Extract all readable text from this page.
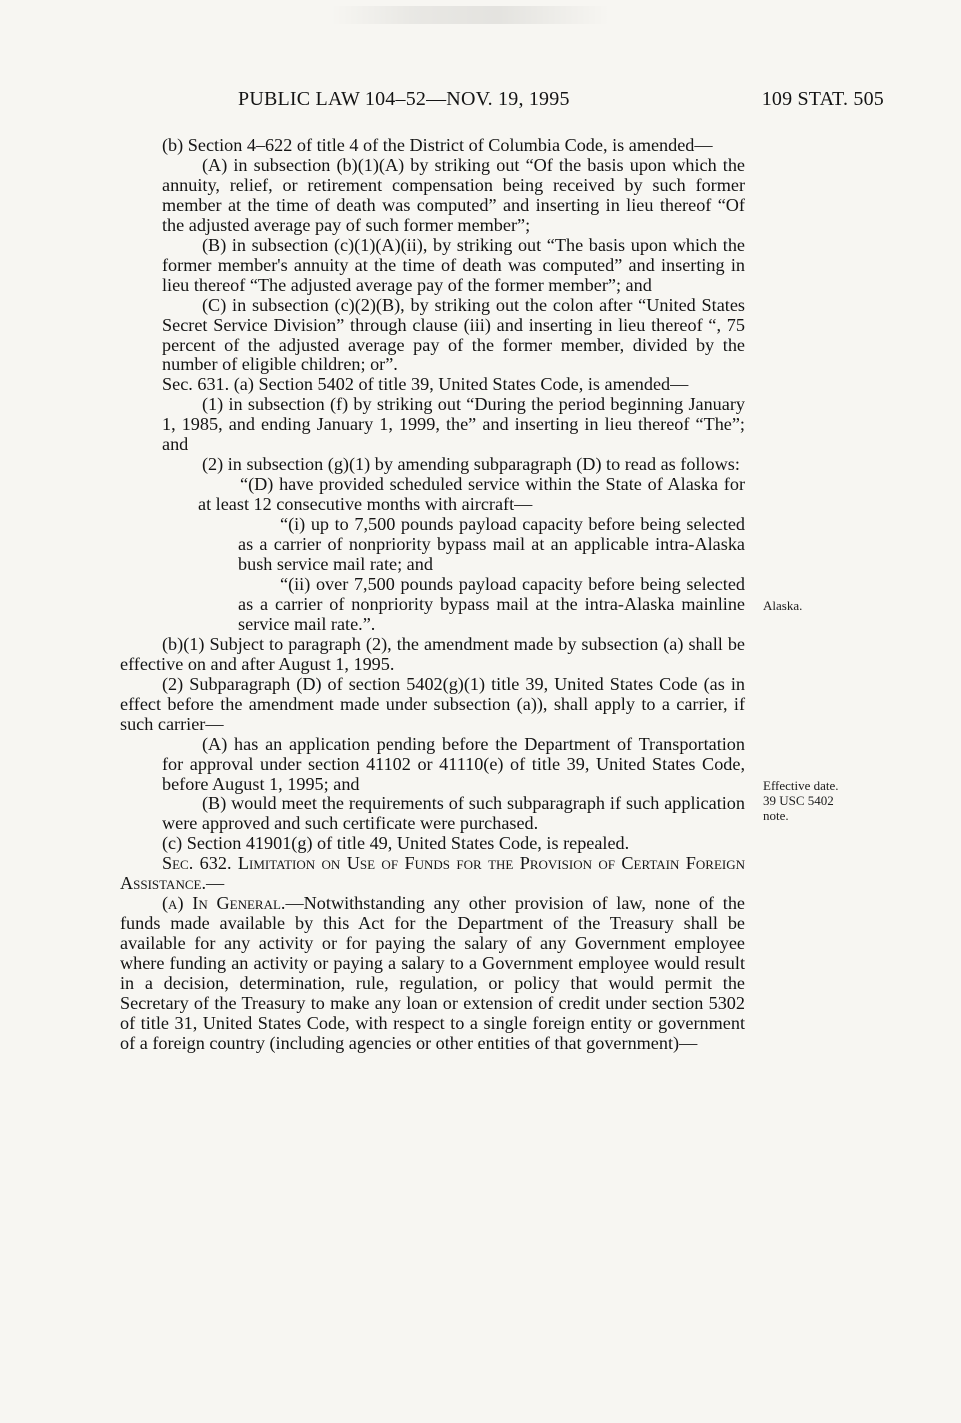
PUBLIC LAW 104–52—NOV. 19, 1995	109 STAT. 505

(b) Section 4–622 of title 4 of the District of Columbia Code, is amended—

(A) in subsection (b)(1)(A) by striking out “Of the basis upon which the annuity, relief, or retirement compensation being received by such former member at the time of death was computed” and inserting in lieu thereof “Of the adjusted average pay of such former member”;

(B) in subsection (c)(1)(A)(ii), by striking out “The basis upon which the former member's annuity at the time of death was computed” and inserting in lieu thereof “The adjusted average pay of the former member”; and

(C) in subsection (c)(2)(B), by striking out the colon after “United States Secret Service Division” through clause (iii) and inserting in lieu thereof “, 75 percent of the adjusted average pay of the former member, divided by the number of eligible children; or”.

Sec. 631. (a) Section 5402 of title 39, United States Code, is amended—

(1) in subsection (f) by striking out “During the period beginning January 1, 1985, and ending January 1, 1999, the” and inserting in lieu thereof “The”; and

(2) in subsection (g)(1) by amending subparagraph (D) to read as follows:

“(D) have provided scheduled service within the State of Alaska for at least 12 consecutive months with aircraft—

“(i) up to 7,500 pounds payload capacity before being selected as a carrier of nonpriority bypass mail at an applicable intra-Alaska bush service mail rate; and

“(ii) over 7,500 pounds payload capacity before being selected as a carrier of nonpriority bypass mail at the intra-Alaska mainline service mail rate.”.

(b)(1) Subject to paragraph (2), the amendment made by subsection (a) shall be effective on and after August 1, 1995.

(2) Subparagraph (D) of section 5402(g)(1) title 39, United States Code (as in effect before the amendment made under subsection (a)), shall apply to a carrier, if such carrier—

(A) has an application pending before the Department of Transportation for approval under section 41102 or 41110(e) of title 39, United States Code, before August 1, 1995; and

(B) would meet the requirements of such subparagraph if such application were approved and such certificate were purchased.

(c) Section 41901(g) of title 49, United States Code, is repealed.

Sec. 632. Limitation on Use of Funds for the Provision of Certain Foreign Assistance.—

(a) In General.—Notwithstanding any other provision of law, none of the funds made available by this Act for the Department of the Treasury shall be available for any activity or for paying the salary of any Government employee where funding an activity or paying a salary to a Government employee would result in a decision, determination, rule, regulation, or policy that would permit the Secretary of the Treasury to make any loan or extension of credit under section 5302 of title 31, United States Code, with respect to a single foreign entity or government of a foreign country (including agencies or other entities of that government)—

Alaska.
Effective date.
39 USC 5402
note.
